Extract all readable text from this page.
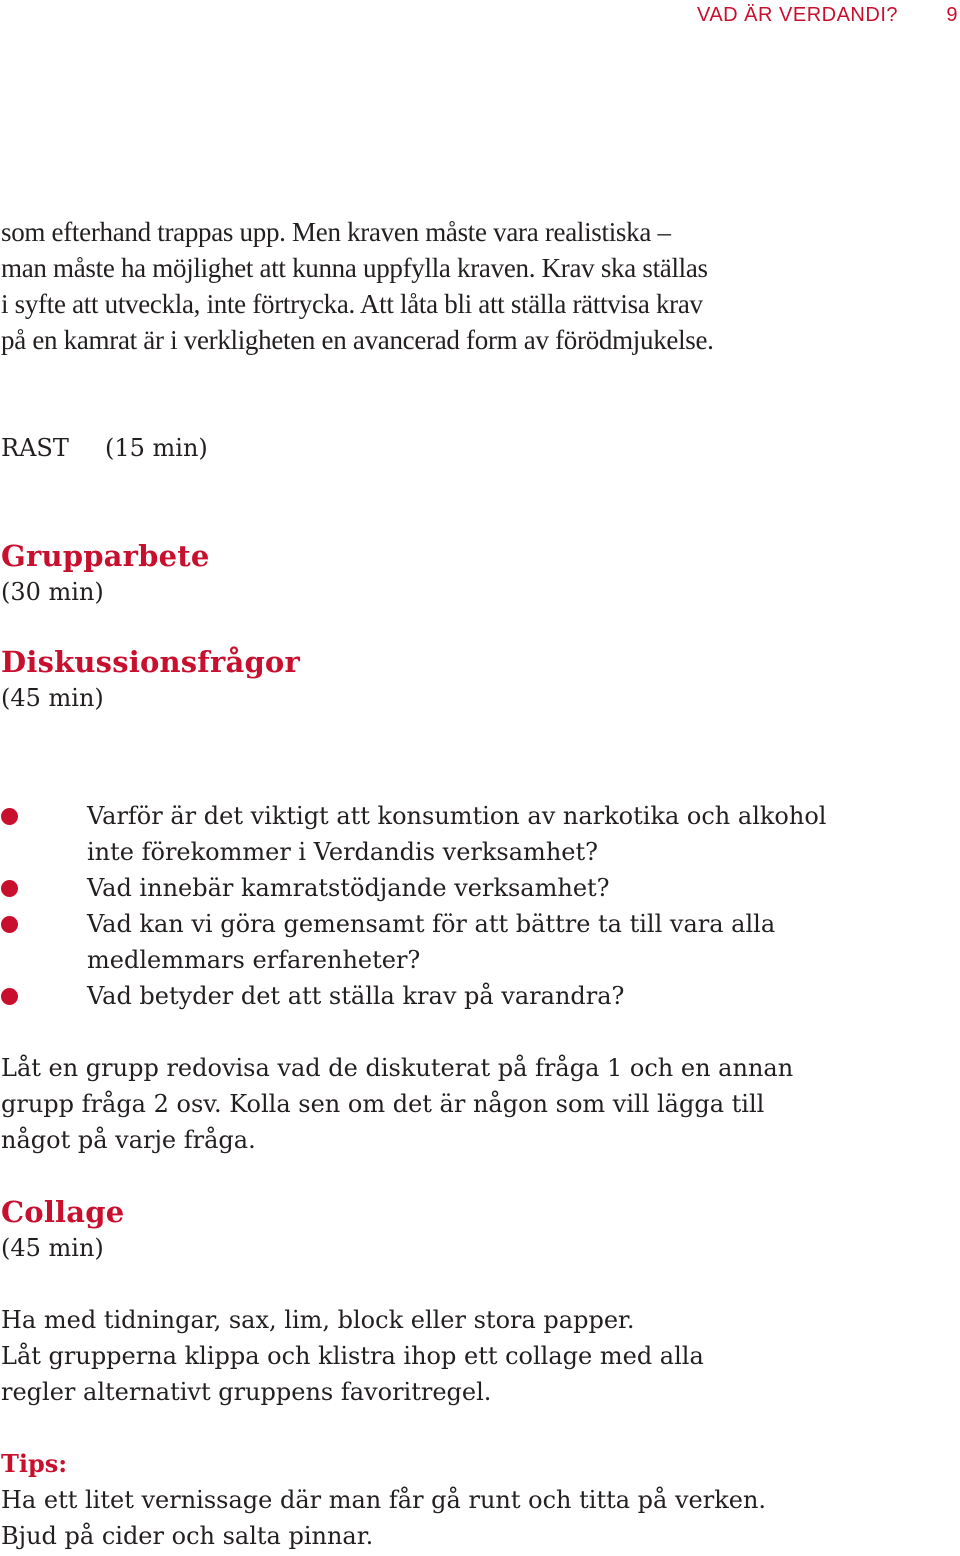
VAD ÄR VERDANDI? 9
som efterhand trappas upp. Men kraven måste vara realistiska –
man måste ha möjlighet att kunna uppfylla kraven. Krav ska ställas
i syfte att utveckla, inte förtrycka. Att låta bli att ställa rättvisa krav
på en kamrat är i verkligheten en avancerad form av förödmjukelse.
RAST (15 min)
Grupparbete
(30 min)
Diskussionsfrågor
(45 min)
Varför är det viktigt att konsumtion av narkotika och alkohol
inte förekommer i Verdandis verksamhet?
Vad innebär kamratstödjande verksamhet?
Vad kan vi göra gemensamt för att bättre ta till vara alla
medlemmars erfarenheter?
Vad betyder det att ställa krav på varandra?
Låt en grupp redovisa vad de diskuterat på fråga 1 och en annan
grupp fråga 2 osv. Kolla sen om det är någon som vill lägga till
något på varje fråga.
Collage
(45 min)
Ha med tidningar, sax, lim, block eller stora papper.
Låt grupperna klippa och klistra ihop ett collage med alla
regler alternativt gruppens favoritregel.
Tips:
Ha ett litet vernissage där man får gå runt och titta på verken.
Bjud på cider och salta pinnar.
